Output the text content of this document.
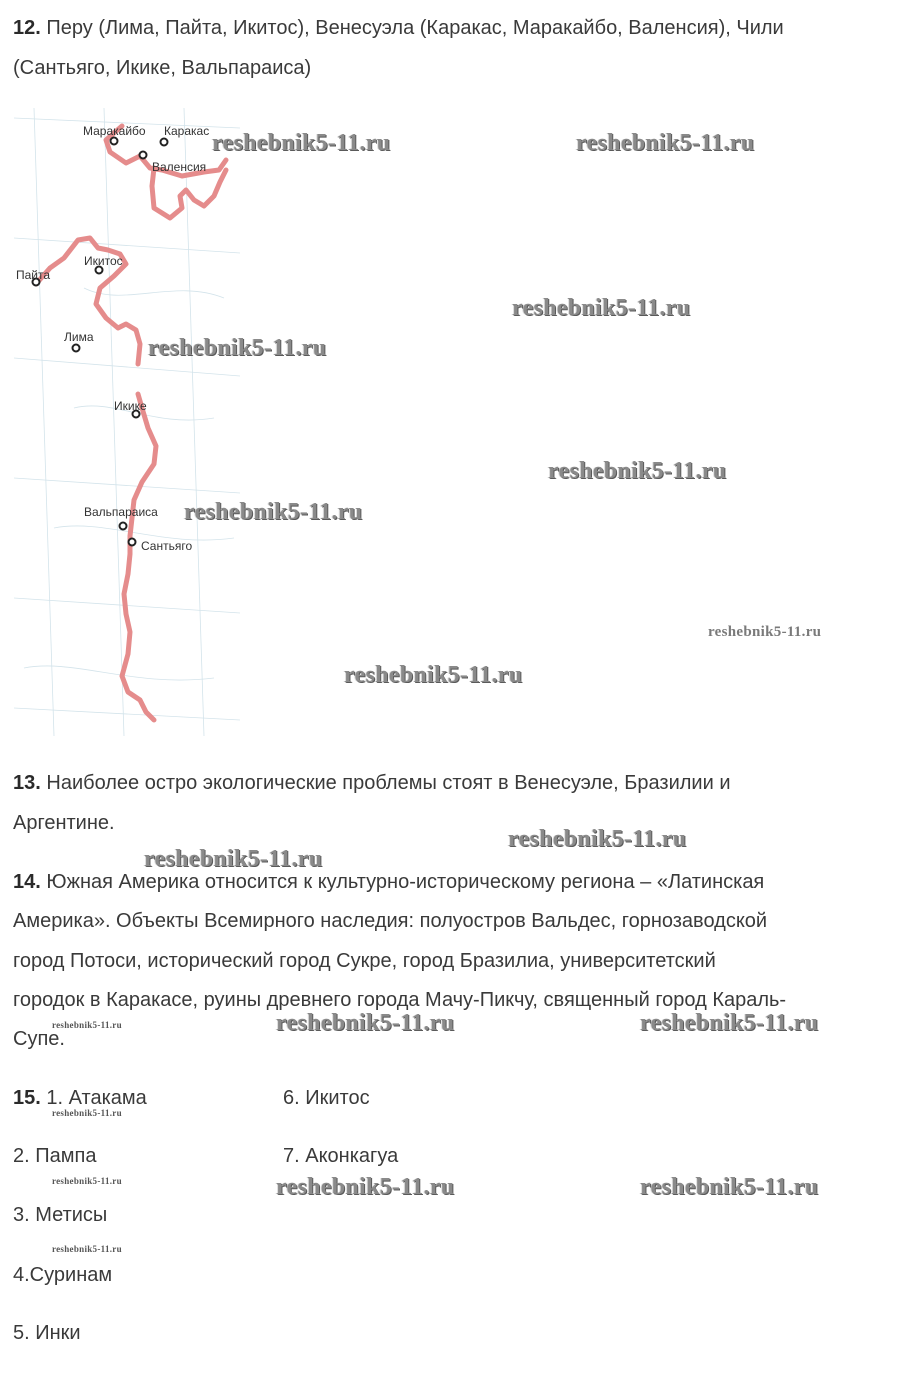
12. Перу (Лима, Пайта, Икитос), Венесуэла (Каракас, Маракайбо, Валенсия), Чили
(Сантьяго, Икике, Вальпараиса)
Маракайбо Каракас
Валенсия
Пайта
Икитос
Лима
Икике
Вальпараиса
Сантьяго
13. Наиболее остро экологические проблемы стоят в Венесуэле, Бразилии и
Аргентине.
14. Южная Америка относится к культурно-историческому региона – «Латинская
Америка». Объекты Всемирного наследия: полуостров Вальдес, горнозаводской
город Потоси, исторический город Сукре, город Бразилиа, университетский
городок в Каракасе, руины древнего города Мачу-Пикчу, священный город Караль-
Супе.
15. 1. Атакама	6. Икитос
2. Пампа	7. Аконкагуа
3. Метисы
4.Суринам
5. Инки
reshebnik5-11.ru	reshebnik5-11.ru
reshebnik5-11.ru
reshebnik5-11.ru
reshebnik5-11.ru
reshebnik5-11.ru
reshebnik5-11.ru
reshebnik5-11.ru
reshebnik5-11.ru
reshebnik5-11.ru
reshebnik5-11.ru	reshebnik5-11.ru	reshebnik5-11.ru
reshebnik5-11.ru
reshebnik5-11.ru	reshebnik5-11.ru	reshebnik5-11.ru
reshebnik5-11.ru
